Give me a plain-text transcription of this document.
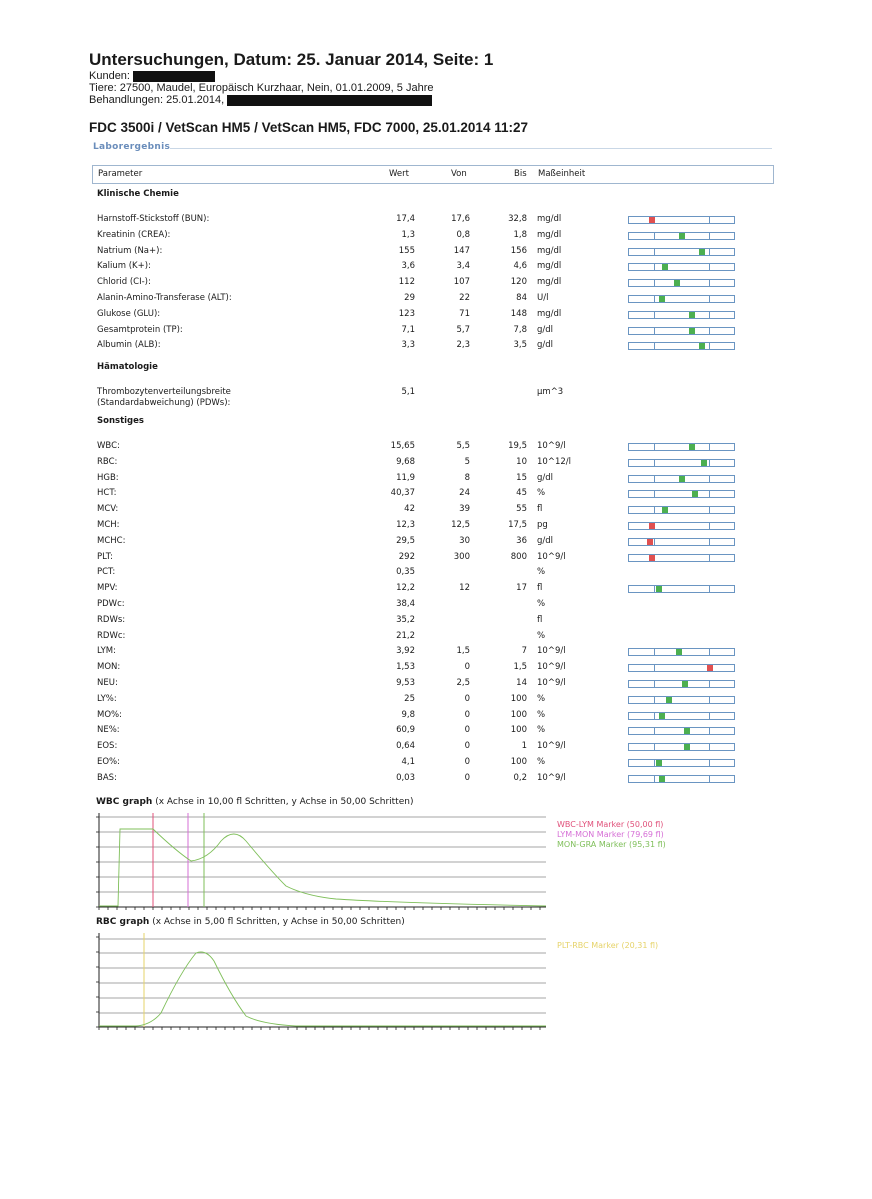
Untersuchungen, Datum: 25. Januar 2014, Seite: 1
Kunden:
Tiere: 27500, Maudel, Europäisch Kurzhaar, Nein, 01.01.2009, 5 Jahre
Behandlungen: 25.01.2014,
FDC 3500i / VetScan HM5 / VetScan HM5, FDC 7000, 25.01.2014 11:27
Laborergebnis
Parameter	Wert	Von	Bis Maßeinheit
Klinische Chemie
Harnstoff-Stickstoff (BUN):	17,4	17,6	32,8 mg/dl
Kreatinin (CREA):	1,3	0,8	1,8 mg/dl
Natrium (Na+):	155	147	156 mg/dl
Kalium (K+):	3,6	3,4	4,6 mg/dl
Chlorid (CI-):	112	107	120 mg/dl
Alanin-Amino-Transferase (ALT):	29	22	84 U/l
Glukose (GLU):	123	71	148 mg/dl
Gesamtprotein (TP):	7,1	5,7	7,8 g/dl
Albumin (ALB):	3,3	2,3	3,5 g/dl
Hämatologie
Thrombozytenverteilungsbreite	5,1	µm^3
(Standardabweichung) (PDWs):
Sonstiges
WBC:	15,65	5,5	19,5 10^9/l
RBC:	9,68	5	10 10^12/l
HGB:	11,9	8	15 g/dl
HCT:	40,37	24	45 %
MCV:	42	39	55 fl
MCH:	12,3	12,5	17,5 pg
MCHC:	29,5	30	36 g/dl
PLT:	292	300	800 10^9/l
PCT:	0,35	%
MPV:	12,2	12	17 fl
PDWc:	38,4	%
RDWs:	35,2	fl
RDWc:	21,2	%
LYM:	3,92	1,5	7 10^9/l
MON:	1,53	0	1,5 10^9/l
NEU:	9,53	2,5	14 10^9/l
LY%:	25	0	100 %
MO%:	9,8	0	100 %
NE%:	60,9	0	100 %
EOS:	0,64	0	1 10^9/l
EO%:	4,1	0	100 %
BAS:	0,03	0	0,2 10^9/l
WBC graph (x Achse in 10,00 fl Schritten, y Achse in 50,00 Schritten)
WBC-LYM Marker (50,00 fl)
LYM-MON Marker (79,69 fl)
MON-GRA Marker (95,31 fl)
RBC graph (x Achse in 5,00 fl Schritten, y Achse in 50,00 Schritten)
PLT-RBC Marker (20,31 fl)
